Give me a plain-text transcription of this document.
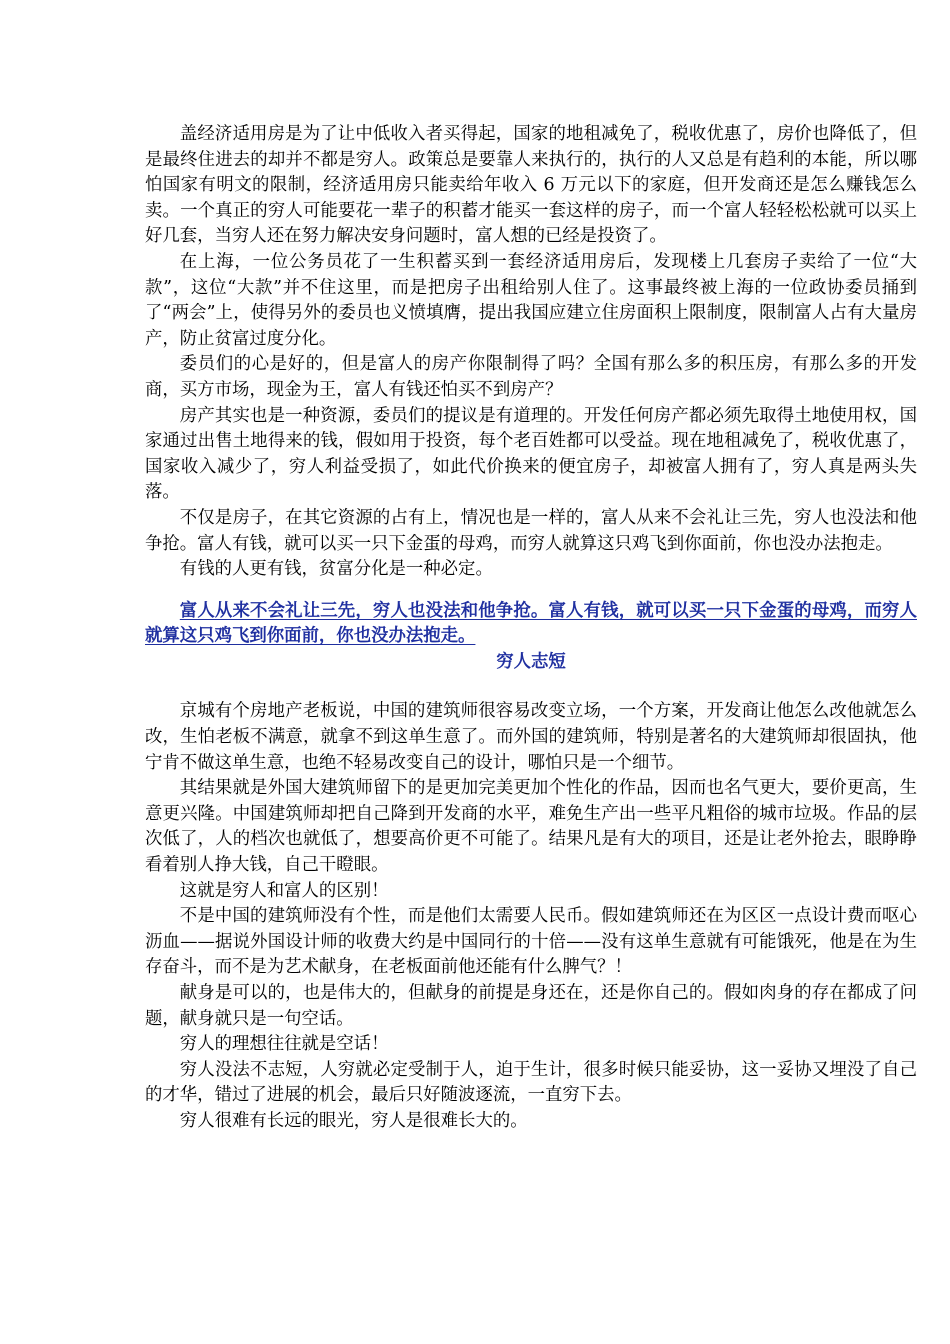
盖经济适用房是为了让中低收入者买得起，国家的地租减免了，税收优惠了，房价也降低了，但是最终住进去的却并不都是穷人。政策总是要靠人来执行的，执行的人又总是有趋利的本能，所以哪怕国家有明文的限制，经济适用房只能卖给年收入 6 万元以下的家庭，但开发商还是怎么赚钱怎么卖。一个真正的穷人可能要花一辈子的积蓄才能买一套这样的房子，而一个富人轻轻松松就可以买上好几套，当穷人还在努力解决安身问题时，富人想的已经是投资了。

在上海，一位公务员花了一生积蓄买到一套经济适用房后，发现楼上几套房子卖给了一位“大款”，这位“大款”并不住这里，而是把房子出租给别人住了。这事最终被上海的一位政协委员捅到了“两会”上，使得另外的委员也义愤填膺，提出我国应建立住房面积上限制度，限制富人占有大量房产，防止贫富过度分化。

委员们的心是好的，但是富人的房产你限制得了吗？全国有那么多的积压房，有那么多的开发商，买方市场，现金为王，富人有钱还怕买不到房产？

房产其实也是一种资源，委员们的提议是有道理的。开发任何房产都必须先取得土地使用权，国家通过出售土地得来的钱，假如用于投资，每个老百姓都可以受益。现在地租减免了，税收优惠了，国家收入减少了，穷人利益受损了，如此代价换来的便宜房子，却被富人拥有了，穷人真是两头失落。

不仅是房子，在其它资源的占有上，情况也是一样的，富人从来不会礼让三先，穷人也没法和他争抢。富人有钱，就可以买一只下金蛋的母鸡，而穷人就算这只鸡飞到你面前，你也没办法抱走。

有钱的人更有钱，贫富分化是一种必定。

富人从来不会礼让三先，穷人也没法和他争抢。富人有钱，就可以买一只下金蛋的母鸡，而穷人就算这只鸡飞到你面前，你也没办法抱走。

穷人志短

京城有个房地产老板说，中国的建筑师很容易改变立场，一个方案，开发商让他怎么改他就怎么改，生怕老板不满意，就拿不到这单生意了。而外国的建筑师，特别是著名的大建筑师却很固执，他宁肯不做这单生意，也绝不轻易改变自己的设计，哪怕只是一个细节。

其结果就是外国大建筑师留下的是更加完美更加个性化的作品，因而也名气更大，要价更高，生意更兴隆。中国建筑师却把自己降到开发商的水平，难免生产出一些平凡粗俗的城市垃圾。作品的层次低了，人的档次也就低了，想要高价更不可能了。结果凡是有大的项目，还是让老外抢去，眼睁睁看着别人挣大钱，自己干瞪眼。

这就是穷人和富人的区别！

不是中国的建筑师没有个性，而是他们太需要人民币。假如建筑师还在为区区一点设计费而呕心沥血——据说外国设计师的收费大约是中国同行的十倍——没有这单生意就有可能饿死，他是在为生存奋斗，而不是为艺术献身，在老板面前他还能有什么脾气？！

献身是可以的，也是伟大的，但献身的前提是身还在，还是你自己的。假如肉身的存在都成了问题，献身就只是一句空话。

穷人的理想往往就是空话！

穷人没法不志短，人穷就必定受制于人，迫于生计，很多时候只能妥协，这一妥协又埋没了自己的才华，错过了进展的机会，最后只好随波逐流，一直穷下去。

穷人很难有长远的眼光，穷人是很难长大的。
